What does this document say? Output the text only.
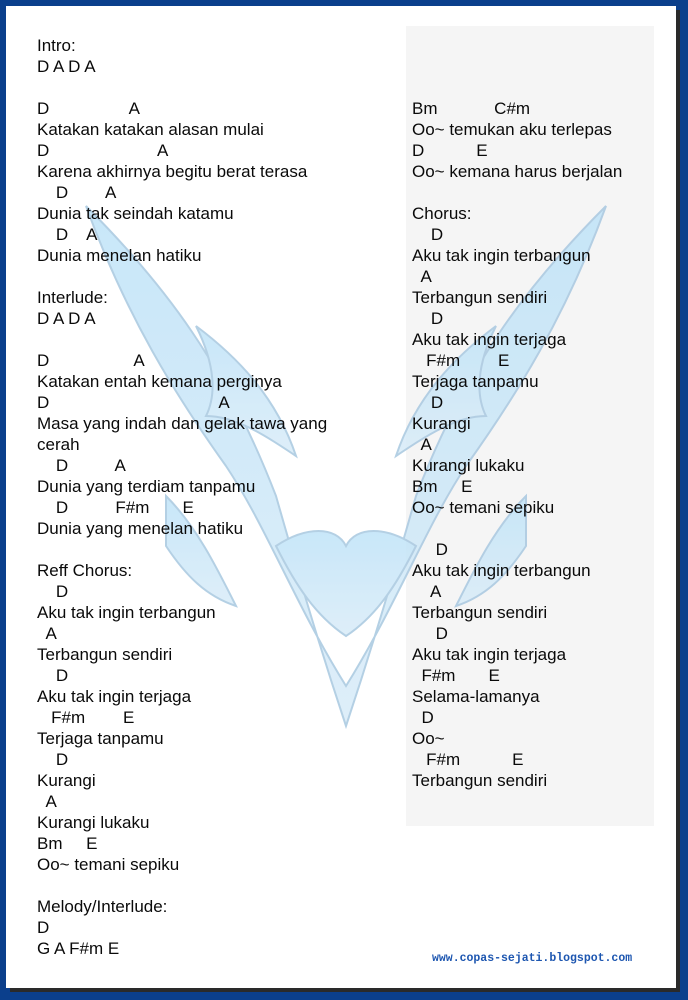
Intro:
D A D A
D                 A
Katakan katakan alasan mulai
D                       A
Karena akhirnya begitu berat terasa
D        A
Dunia tak seindah katamu
D    A
Dunia menelan hatiku
Interlude:
D A D A
D                  A
Katakan entah kemana perginya
D                                    A
Masa yang indah dan gelak tawa yang
cerah
D          A
Dunia yang terdiam tanpamu
D          F#m       E
Dunia yang menelan hatiku
Reff Chorus:
D
Aku tak ingin terbangun
A
Terbangun sendiri
D
Aku tak ingin terjaga
F#m        E
Terjaga tanpamu
D
Kurangi
A
Kurangi lukaku
Bm     E
Oo~ temani sepiku
Melody/Interlude:
D
G A F#m E
Bm            C#m
Oo~ temukan aku terlepas
D           E
Oo~ kemana harus berjalan
Chorus:
D
Aku tak ingin terbangun
A
Terbangun sendiri
D
Aku tak ingin terjaga
F#m        E
Terjaga tanpamu
D
Kurangi
A
Kurangi lukaku
Bm     E
Oo~ temani sepiku
D
Aku tak ingin terbangun
A
Terbangun sendiri
D
Aku tak ingin terjaga
F#m       E
Selama-lamanya
D
Oo~
F#m           E
Terbangun sendiri
www.copas-sejati.blogspot.com
